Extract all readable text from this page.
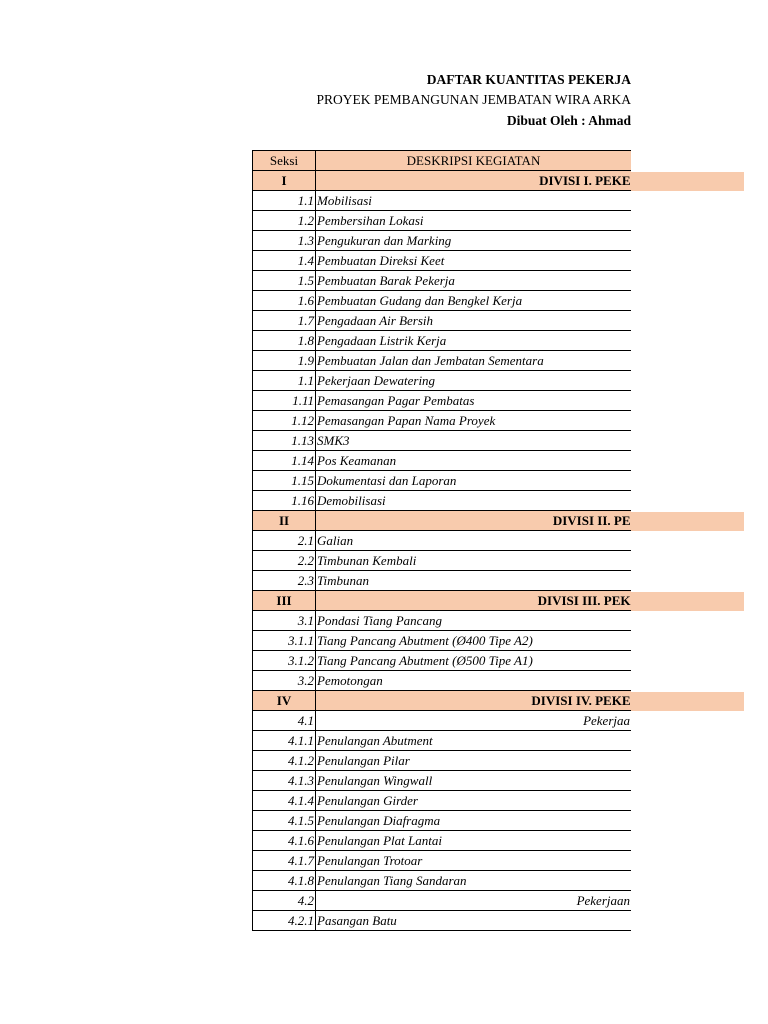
DAFTAR KUANTITAS PEKERJA
PROYEK PEMBANGUNAN JEMBATAN WIRA ARKA
Dibuat Oleh : Ahmad
Seksi	DESKRIPSI KEGIATAN
I	DIVISI I. PEKE
1.1	Mobilisasi
1.2	Pembersihan Lokasi
1.3	Pengukuran dan Marking
1.4	Pembuatan Direksi Keet
1.5	Pembuatan Barak Pekerja
1.6	Pembuatan Gudang dan Bengkel Kerja
1.7	Pengadaan Air Bersih
1.8	Pengadaan Listrik Kerja
1.9	Pembuatan Jalan dan Jembatan Sementara
1.1	Pekerjaan Dewatering
1.11	Pemasangan Pagar Pembatas
1.12	Pemasangan Papan Nama Proyek
1.13	SMK3
1.14	Pos Keamanan
1.15	Dokumentasi dan Laporan
1.16	Demobilisasi
II	DIVISI II. PE
2.1	Galian
2.2	Timbunan Kembali
2.3	Timbunan
III	DIVISI III. PEK
3.1	Pondasi Tiang Pancang
3.1.1	Tiang Pancang Abutment (Ø400 Tipe A2)
3.1.2	Tiang Pancang Abutment (Ø500 Tipe A1)
3.2	Pemotongan
IV	DIVISI IV. PEKE
4.1	Pekerjaa
4.1.1	Penulangan Abutment
4.1.2	Penulangan Pilar
4.1.3	Penulangan Wingwall
4.1.4	Penulangan Girder
4.1.5	Penulangan Diafragma
4.1.6	Penulangan Plat Lantai
4.1.7	Penulangan Trotoar
4.1.8	Penulangan Tiang Sandaran
4.2	Pekerjaan
4.2.1	Pasangan Batu
